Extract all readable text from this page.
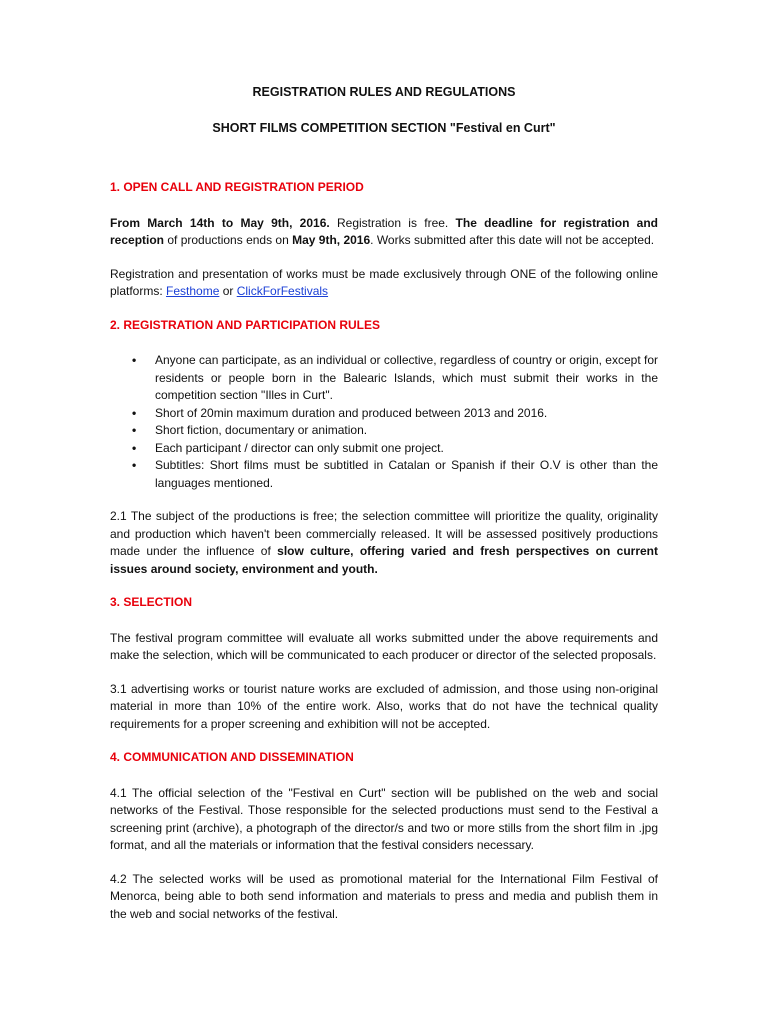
REGISTRATION RULES AND REGULATIONS
SHORT FILMS COMPETITION SECTION "Festival en Curt"
1. OPEN CALL AND REGISTRATION PERIOD

From March 14th to May 9th, 2016. Registration is free. The deadline for registration and reception of productions ends on May 9th, 2016. Works submitted after this date will not be accepted.

Registration and presentation of works must be made exclusively through ONE of the following online platforms: Festhome or ClickForFestivals

2. REGISTRATION AND PARTICIPATION RULES
• Anyone can participate, as an individual or collective, regardless of country or origin, except for residents or people born in the Balearic Islands, which must submit their works in the competition section "Illes in Curt".
• Short of 20min maximum duration and produced between 2013 and 2016.
• Short fiction, documentary or animation.
• Each participant / director can only submit one project.
• Subtitles: Short films must be subtitled in Catalan or Spanish if their O.V is other than the languages mentioned.

2.1 The subject of the productions is free; the selection committee will prioritize the quality, originality and production which haven't been commercially released. It will be assessed positively productions made under the influence of slow culture, offering varied and fresh perspectives on current issues around society, environment and youth.

3. SELECTION

The festival program committee will evaluate all works submitted under the above requirements and make the selection, which will be communicated to each producer or director of the selected proposals.

3.1 advertising works or tourist nature works are excluded of admission, and those using non-original material in more than 10% of the entire work. Also, works that do not have the technical quality requirements for a proper screening and exhibition will not be accepted.

4. COMMUNICATION AND DISSEMINATION

4.1 The official selection of the "Festival en Curt" section will be published on the web and social networks of the Festival. Those responsible for the selected productions must send to the Festival a screening print (archive), a photograph of the director/s and two or more stills from the short film in .jpg format, and all the materials or information that the festival considers necessary.

4.2 The selected works will be used as promotional material for the International Film Festival of Menorca, being able to both send information and materials to press and media and publish them in the web and social networks of the festival.
